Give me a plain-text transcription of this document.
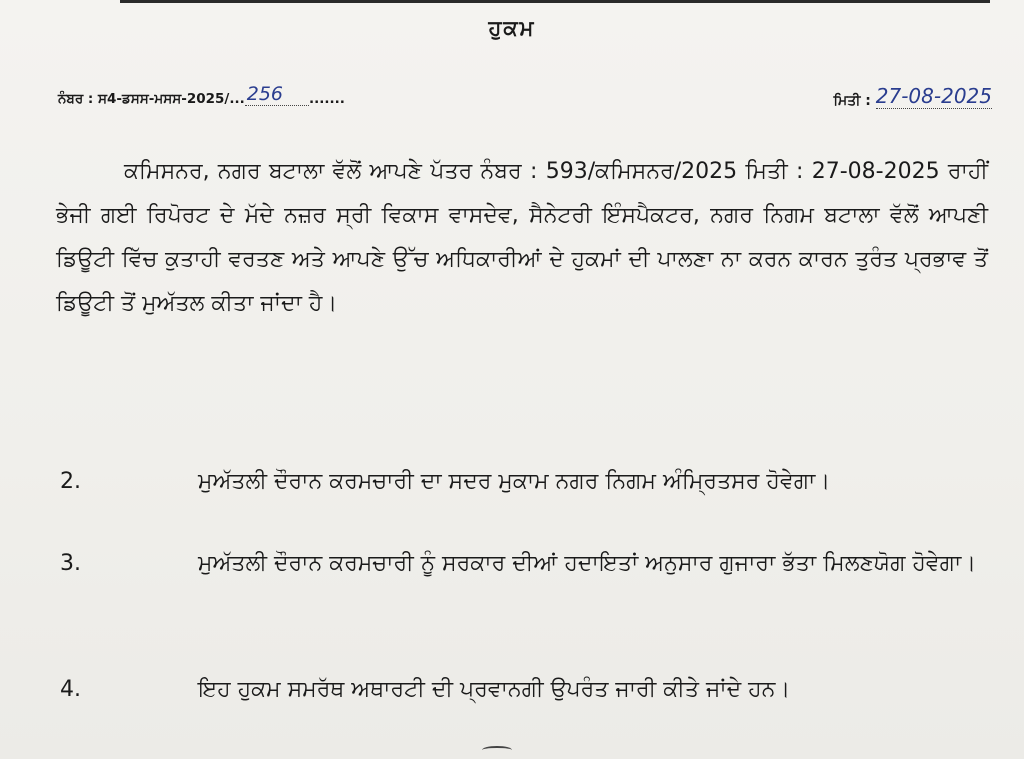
ਹੁਕਮ
ਨੰਬਰ : ਸ4-ਡਸਸ-ਮਸਸ-2025/... 256 .......	ਮਿਤੀ : 27-08-2025
ਕਮਿਸਨਰ, ਨਗਰ ਬਟਾਲਾ ਵੱਲੋਂ ਆਪਣੇ ਪੱਤਰ ਨੰਬਰ : 593/ਕਮਿਸਨਰ/2025 ਮਿਤੀ : 27-08-2025 ਰਾਹੀਂ ਭੇਜੀ ਗਈ ਰਿਪੋਰਟ ਦੇ ਮੱਦੇ ਨਜ਼ਰ ਸ੍ਰੀ ਵਿਕਾਸ ਵਾਸਦੇਵ, ਸੈਨੇਟਰੀ ਇੰਸਪੈਕਟਰ, ਨਗਰ ਨਿਗਮ ਬਟਾਲਾ ਵੱਲੋਂ ਆਪਣੀ ਡਿਊਟੀ ਵਿੱਚ ਕੁਤਾਹੀ ਵਰਤਣ ਅਤੇ ਆਪਣੇ ਉੱਚ ਅਧਿਕਾਰੀਆਂ ਦੇ ਹੁਕਮਾਂ ਦੀ ਪਾਲਣਾ ਨਾ ਕਰਨ ਕਾਰਨ ਤੁਰੰਤ ਪ੍ਰਭਾਵ ਤੋਂ ਡਿਊਟੀ ਤੋਂ ਮੁਅੱਤਲ ਕੀਤਾ ਜਾਂਦਾ ਹੈ।
2.	ਮੁਅੱਤਲੀ ਦੌਰਾਨ ਕਰਮਚਾਰੀ ਦਾ ਸਦਰ ਮੁਕਾਮ ਨਗਰ ਨਿਗਮ ਅੰਮ੍ਰਿਤਸਰ ਹੋਵੇਗਾ।
3.	ਮੁਅੱਤਲੀ ਦੌਰਾਨ ਕਰਮਚਾਰੀ ਨੂੰ ਸਰਕਾਰ ਦੀਆਂ ਹਦਾਇਤਾਂ ਅਨੁਸਾਰ ਗੁਜਾਰਾ ਭੱਤਾ ਮਿਲਣਯੋਗ ਹੋਵੇਗਾ।
4.	ਇਹ ਹੁਕਮ ਸਮਰੱਥ ਅਥਾਰਟੀ ਦੀ ਪ੍ਰਵਾਨਗੀ ਉਪਰੰਤ ਜਾਰੀ ਕੀਤੇ ਜਾਂਦੇ ਹਨ।
